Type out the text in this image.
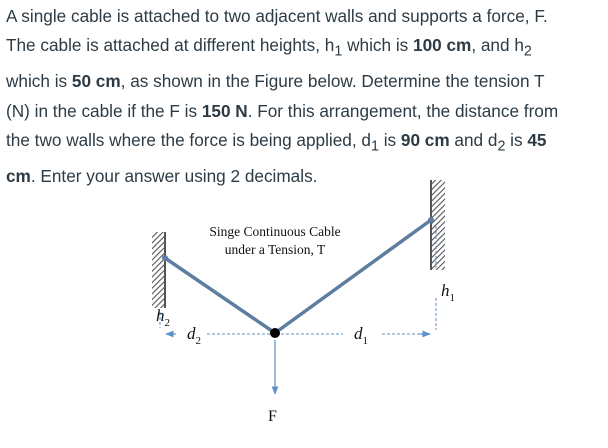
A single cable is attached to two adjacent walls and supports a force, F.
The cable is attached at different heights, $h_1$ which is 100 cm, and $h_2$
which is 50 cm, as shown in the Figure below. Determine the tension T
(N) in the cable if the F is 150 N. For this arrangement, the distance from
the two walls where the force is being applied, $d_1$ is 90 cm and $d_2$ is 45
cm. Enter your answer using 2 decimals.

Singe Continuous Cable
under a Tension, T
$h_1$
$h_2$
$d_2$	$d_1$
F
